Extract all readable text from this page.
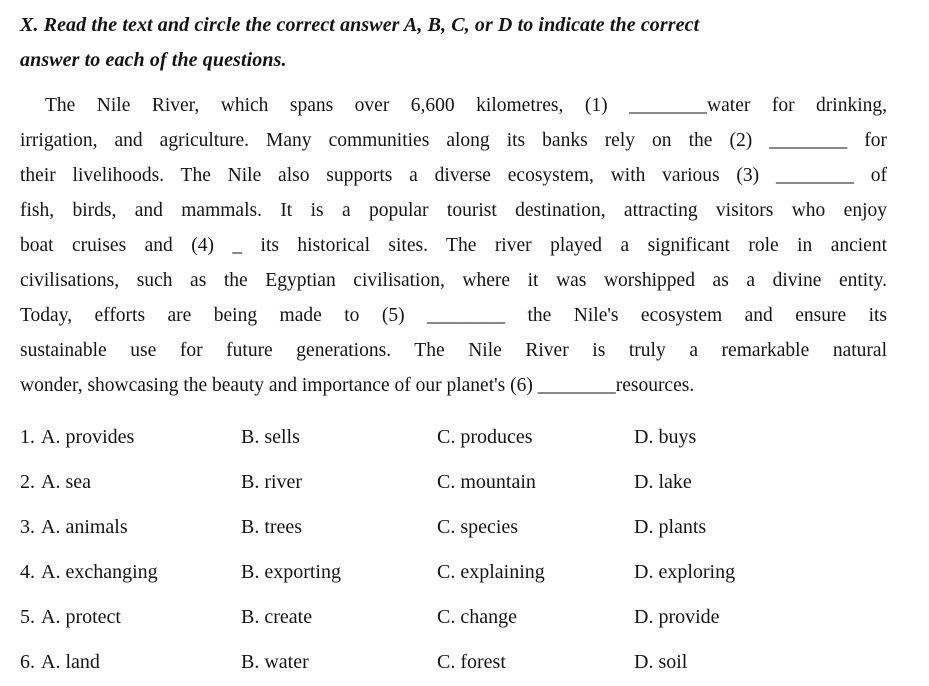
X. Read the text and circle the correct answer A, B, C, or D to indicate the correct
answer to each of the questions.
The Nile River, which spans over 6,600 kilometres, (1) ________water for drinking,
irrigation, and agriculture. Many communities along its banks rely on the (2) ________ for
their livelihoods. The Nile also supports a diverse ecosystem, with various (3) ________ of
fish, birds, and mammals. It is a popular tourist destination, attracting visitors who enjoy
boat cruises and (4) _ its historical sites. The river played a significant role in ancient
civilisations, such as the Egyptian civilisation, where it was worshipped as a divine entity.
Today, efforts are being made to (5) ________ the Nile's ecosystem and ensure its
sustainable use for future generations. The Nile River is truly a remarkable natural
wonder, showcasing the beauty and importance of our planet's (6) ________resources.
1. A. provides	B. sells	C. produces	D. buys
2. A. sea	B. river	C. mountain	D. lake
3. A. animals	B. trees	C. species	D. plants
4. A. exchanging	B. exporting	C. explaining	D. exploring
5. A. protect	B. create	C. change	D. provide
6. A. land	B. water	C. forest	D. soil
